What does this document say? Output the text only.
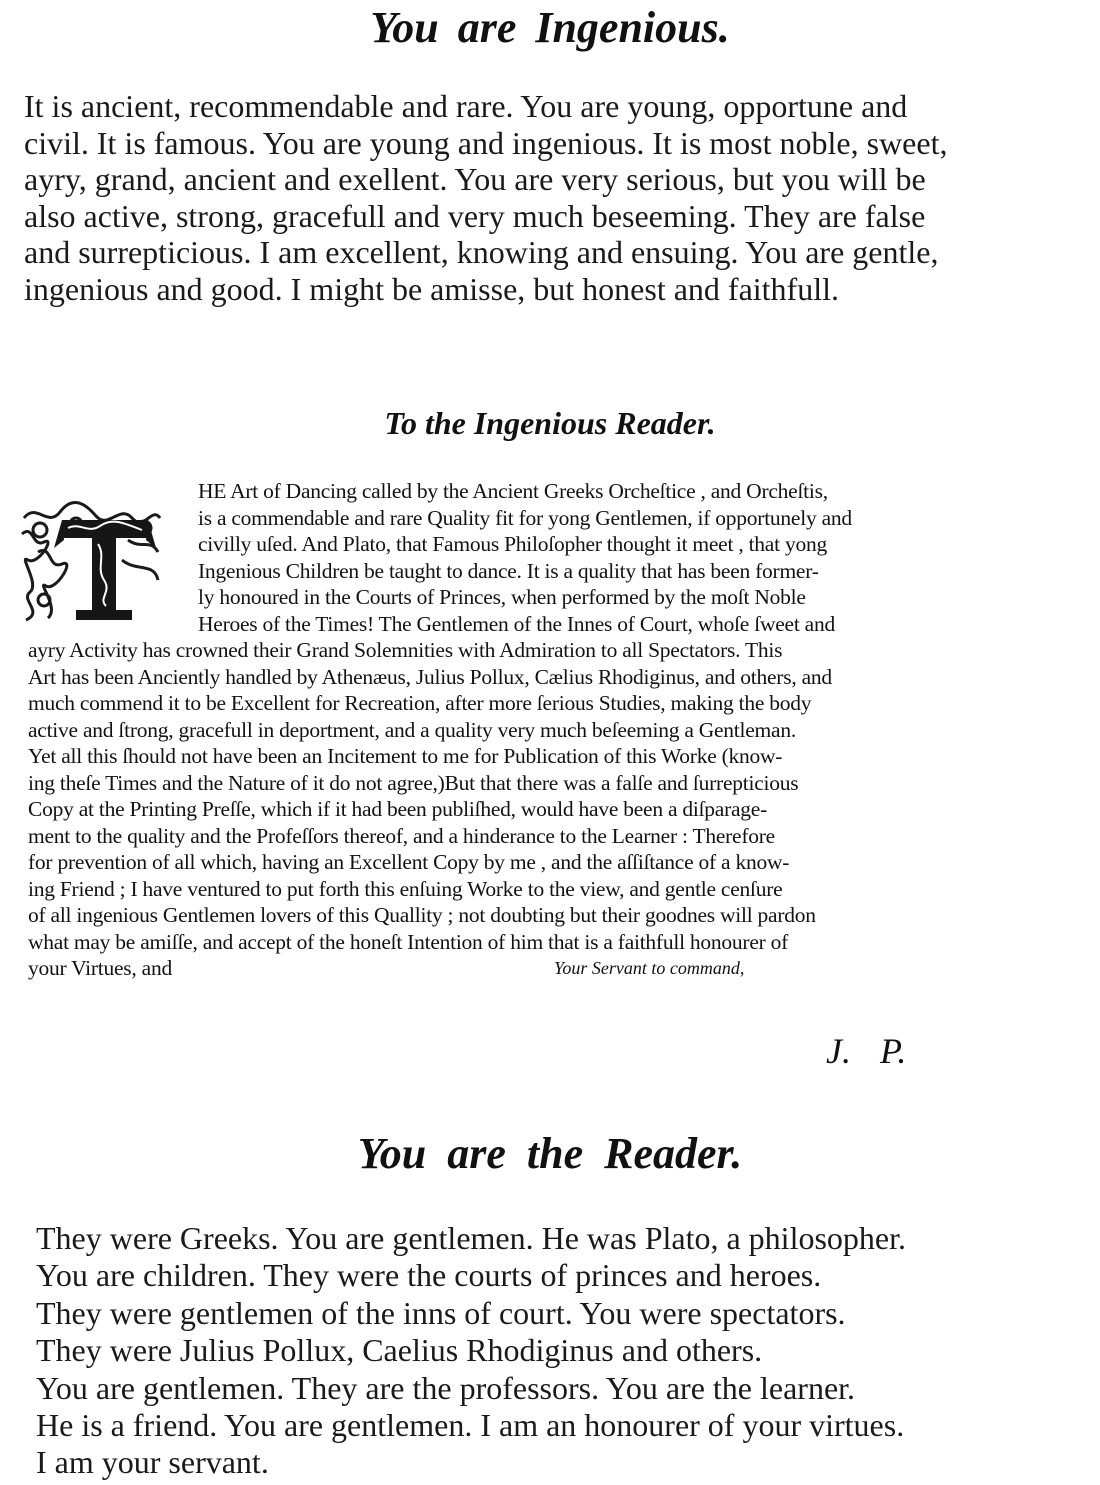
You are Ingenious.
It is ancient, recommendable and rare. You are young, opportune and
civil. It is famous. You are young and ingenious. It is most noble, sweet,
ayry, grand, ancient and exellent. You are very serious, but you will be
also active, strong, gracefull and very much beseeming. They are false
and surrepticious. I am excellent, knowing and ensuing. You are gentle,
ingenious and good. I might be amisse, but honest and faithfull.
To the Ingenious Reader.
HE Art of Dancing called by the Ancient Greeks Orcheſtice , and Orcheſtis,
is a commendable and rare Quality fit for yong Gentlemen, if opportunely and
civilly uſed. And Plato, that Famous Philoſopher thought it meet , that yong
Ingenious Children be taught to dance. It is a quality that has been former-
ly honoured in the Courts of Princes, when performed by the moſt Noble
Heroes of the Times! The Gentlemen of the Innes of Court, whoſe ſweet and
ayry Activity has crowned their Grand Solemnities with Admiration to all Spectators. This
Art has been Anciently handled by Athenæus, Julius Pollux, Cælius Rhodiginus, and others, and
much commend it to be Excellent for Recreation, after more ſerious Studies, making the body
active and ſtrong, gracefull in deportment, and a quality very much beſeeming a Gentleman.
Yet all this ſhould not have been an Incitement to me for Publication of this Worke (know-
ing theſe Times and the Nature of it do not agree,)But that there was a falſe and ſurrepticious
Copy at the Printing Preſſe, which if it had been publiſhed, would have been a diſparage-
ment to the quality and the Profeſſors thereof, and a hinderance to the Learner : Therefore
for prevention of all which, having an Excellent Copy by me , and the aſſiſtance of a know-
ing Friend ; I have ventured to put forth this enſuing Worke to the view, and gentle cenſure
of all ingenious Gentlemen lovers of this Quallity ; not doubting but their goodnes will pardon
what may be amiſſe, and accept of the honeſt Intention of him that is a faithfull honourer of
your Virtues, and	Your Servant to command,
J. P.
You are the Reader.
They were Greeks. You are gentlemen. He was Plato, a philosopher.
You are children. They were the courts of princes and heroes.
They were gentlemen of the inns of court. You were spectators.
They were Julius Pollux, Caelius Rhodiginus and others.
You are gentlemen. They are the professors. You are the learner.
He is a friend. You are gentlemen. I am an honourer of your virtues.
I am your servant.
